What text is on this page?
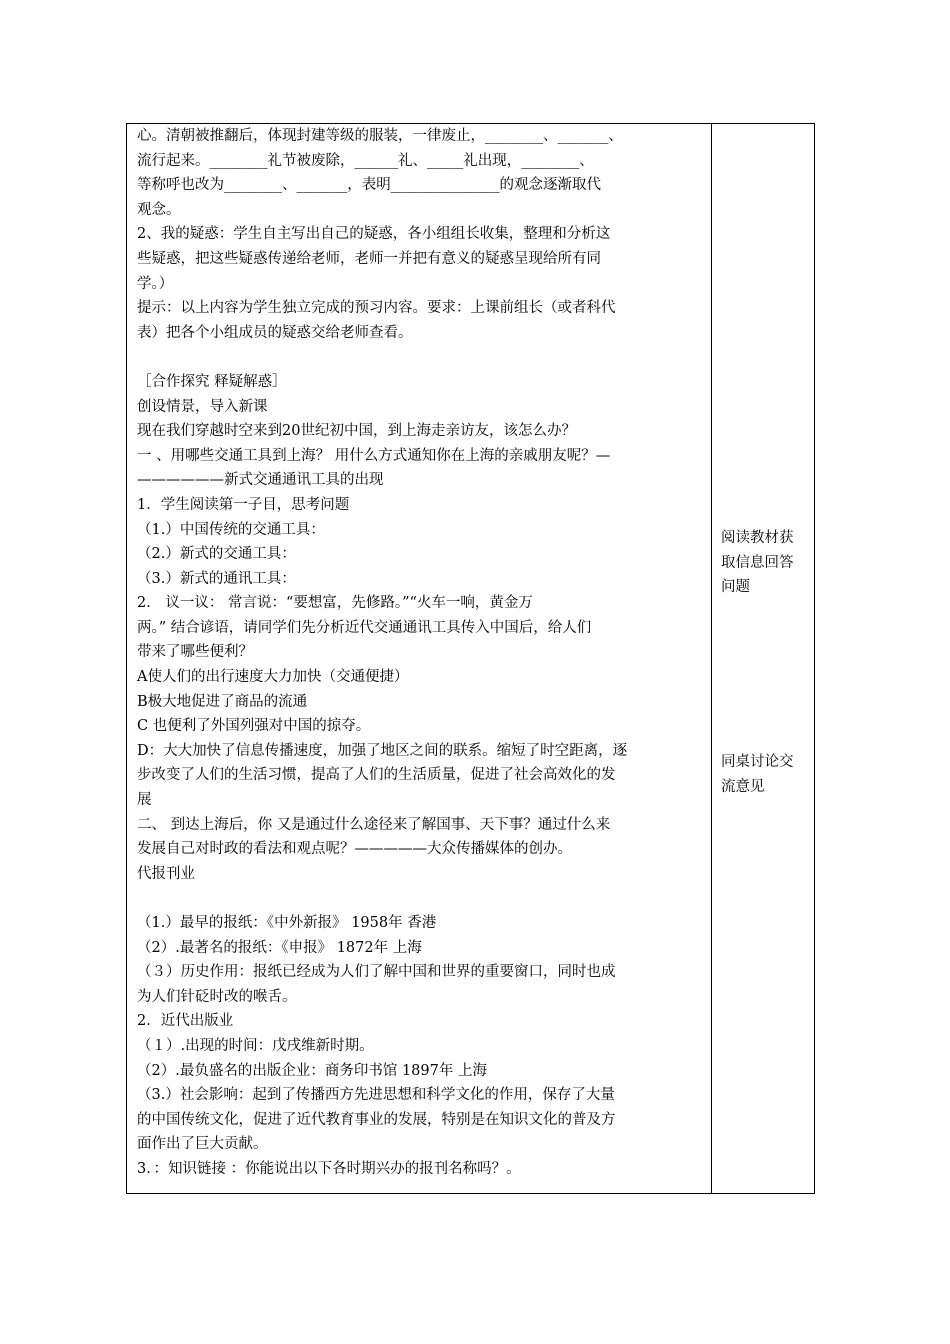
心。清朝被推翻后，体现封建等级的服装，一律废止，________、_______、
流行起来。________礼节被废除，______礼、_____礼出现，________、
等称呼也改为________、_______，表明_______________的观念逐渐取代
观念。
2、我的疑惑：学生自主写出自己的疑惑，各小组组长收集，整理和分析这
些疑惑，把这些疑惑传递给老师，老师一并把有意义的疑惑呈现给所有同
学。）
提示：以上内容为学生独立完成的预习内容。要求：上课前组长（或者科代
表）把各个小组成员的疑惑交给老师查看。
［合作探究 释疑解惑］
创设情景，导入新课
现在我们穿越时空来到20世纪初中国，到上海走亲访友，该怎么办？
一 、用哪些交通工具到上海？ 用什么方式通知你在上海的亲戚朋友呢？—
——————新式交通通讯工具的出现
1．学生阅读第一子目，思考问题
（1.）中国传统的交通工具：
（2.）新式的交通工具：
（3.）新式的通讯工具：
2． 议一议： 常言说：“要想富，先修路。”“火车一响，黄金万
两。” 结合谚语，请同学们先分析近代交通通讯工具传入中国后，给人们
带来了哪些便利？
A使人们的出行速度大力加快（交通便捷）
B极大地促进了商品的流通
C 也便利了外国列强对中国的掠夺。
D：大大加快了信息传播速度，加强了地区之间的联系。缩短了时空距离，逐
步改变了人们的生活习惯，提高了人们的生活质量，促进了社会高效化的发
展
二、 到达上海后，你 又是通过什么途径来了解国事、天下事？通过什么来
发展自己对时政的看法和观点呢？—————大众传播媒体的创办。
代报刊业
（1.）最早的报纸：《中外新报》 1958年 香港
（2）.最著名的报纸：《申报》 1872年 上海
（３）历史作用：报纸已经成为人们了解中国和世界的重要窗口，同时也成
为人们针砭时改的喉舌。
2．近代出版业
（１）.出现的时间：戊戌维新时期。
（2）.最负盛名的出版企业：商务印书馆 1897年 上海
（3.）社会影响：起到了传播西方先进思想和科学文化的作用，保存了大量
的中国传统文化，促进了近代教育事业的发展，特别是在知识文化的普及方
面作出了巨大贡献。
3．：知识链接 ：你能说出以下各时期兴办的报刊名称吗？。
阅读教材获
取信息回答
问题
同桌讨论交
流意见
